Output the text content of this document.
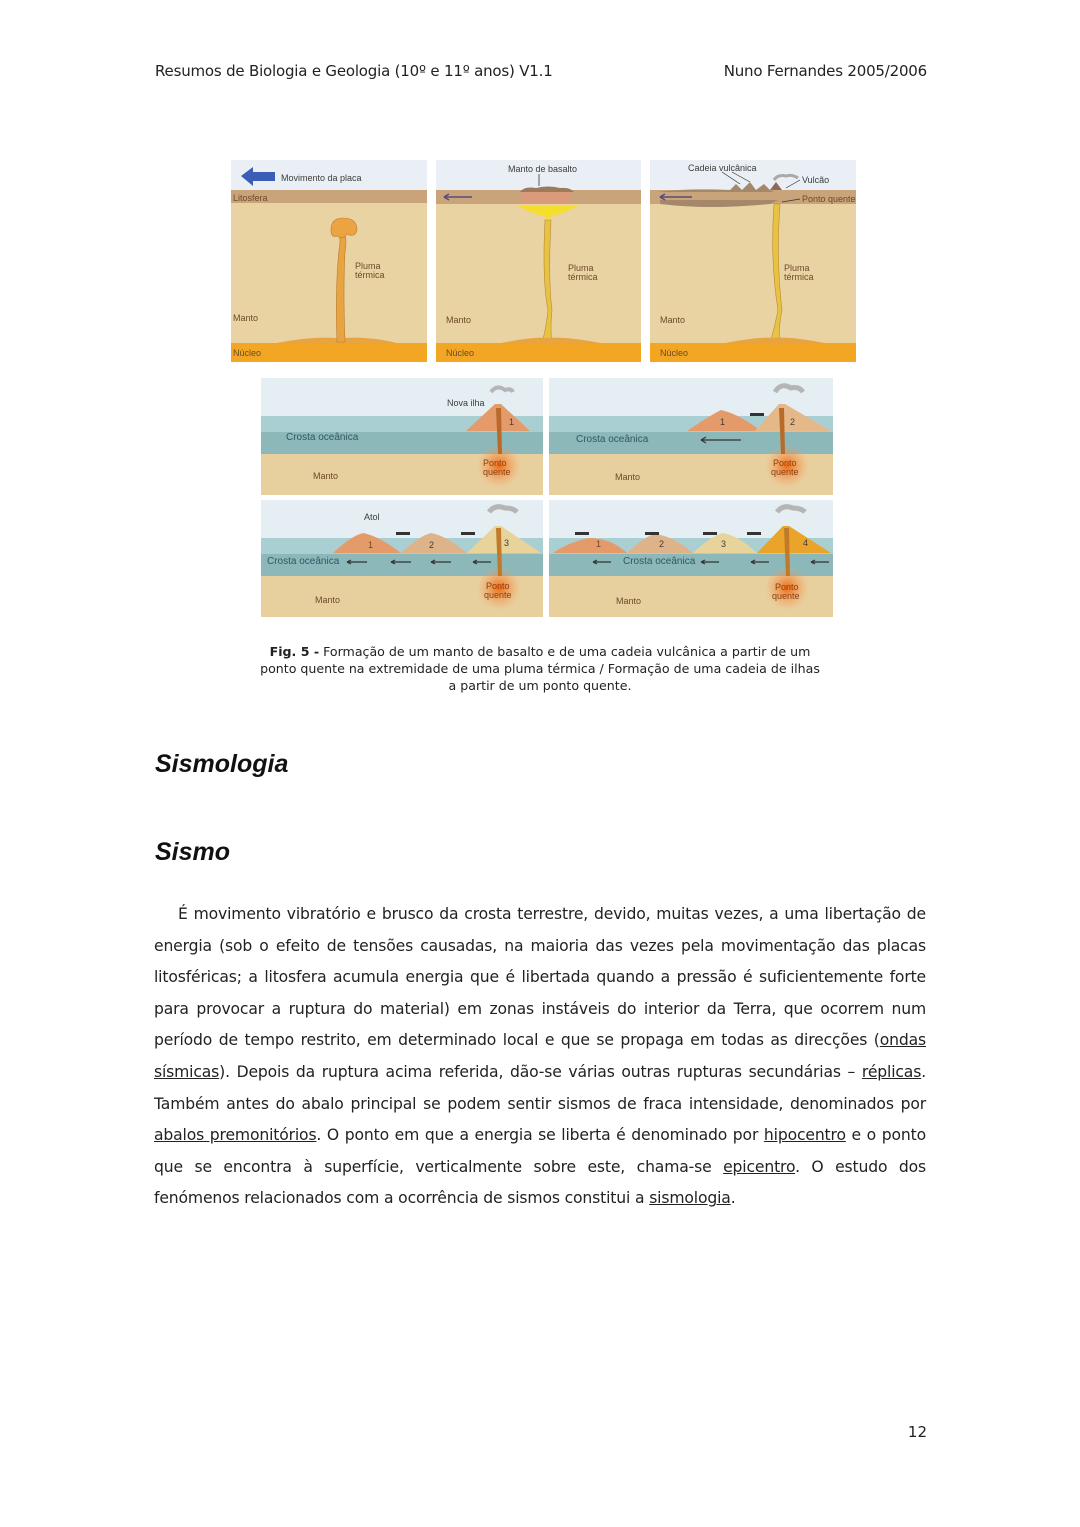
Resumos de Biologia e Geologia (10º e 11º anos) V1.1	Nuno Fernandes 2005/2006
Movimento da placa
Litosfera
Pluma
térmica
Manto
Núcleo
Manto de basalto
Pluma
térmica
Manto
Núcleo
Cadeia vulcânica
Vulcão
Ponto quente
Pluma
térmica
Manto
Núcleo
Nova ilha
1
Crosta oceânica
Manto
Ponto
quente
1	2
Crosta oceânica
Manto
Ponto
quente
Atol
1	2	3
Crosta oceânica
Manto
Ponto
quente
1	2	3	4
Crosta oceânica
Manto
Ponto
quente
Fig. 5 - Formação de um manto de basalto e de uma cadeia vulcânica a partir de um
ponto quente na extremidade de uma pluma térmica / Formação de uma cadeia de ilhas
a partir de um ponto quente.
Sismologia
Sismo
É movimento vibratório e brusco da crosta terrestre, devido, muitas vezes, a uma libertação de energia (sob o efeito de tensões causadas, na maioria das vezes pela movimentação das placas litosféricas; a litosfera acumula energia que é libertada quando a pressão é suficientemente forte para provocar a ruptura do material) em zonas instáveis do interior da Terra, que ocorrem num período de tempo restrito, em determinado local e que se propaga em todas as direcções (ondas sísmicas). Depois da ruptura acima referida, dão-se várias outras rupturas secundárias – réplicas. Também antes do abalo principal se podem sentir sismos de fraca intensidade, denominados por abalos premonitórios. O ponto em que a energia se liberta é denominado por hipocentro e o ponto que se encontra à superfície, verticalmente sobre este, chama-se epicentro. O estudo dos fenómenos relacionados com a ocorrência de sismos constitui a sismologia.
12
